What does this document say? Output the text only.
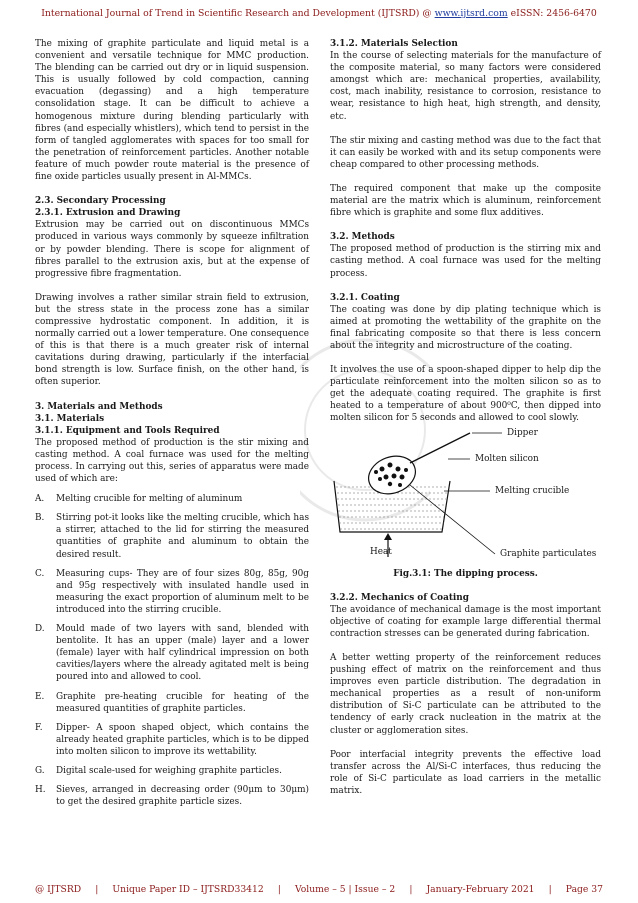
International Journal of Trend in Scientific Research and Development (IJTSRD) @ www.ijtsrd.com eISSN: 2456-6470

The mixing of graphite particulate and liquid metal is a convenient and versatile technique for MMC production. The blending can be carried out dry or in liquid suspension. This is usually followed by cold compaction, canning evacuation (degassing) and a high temperature consolidation stage. It can be difficult to achieve a homogenous mixture during blending particularly with fibres (and especially whistlers), which tend to persist in the form of tangled agglomerates with spaces for too small for the penetration of reinforcement particles. Another notable feature of much powder route material is the presence of fine oxide particles usually present in Al-MMCs.

2.3. Secondary Processing
2.3.1. Extrusion and Drawing

Extrusion may be carried out on discontinuous MMCs produced in various ways commonly by squeeze infiltration or by powder blending. There is scope for alignment of fibres parallel to the extrusion axis, but at the expense of progressive fibre fragmentation.

Drawing involves a rather similar strain field to extrusion, but the stress state in the process zone has a similar compressive hydrostatic component. In addition, it is normally carried out a lower temperature. One consequence of this is that there is a much greater risk of internal cavitations during drawing, particularly if the interfacial bond strength is low. Surface finish, on the other hand, is often superior.

3. Materials and Methods
3.1. Materials
3.1.1. Equipment and Tools Required

The proposed method of production is the stir mixing and casting method. A coal furnace was used for the melting process. In carrying out this, series of apparatus were made used of which are:

A.	Melting crucible for melting of aluminum
B.	Stirring pot-it looks like the melting crucible, which has a stirrer, attached to the lid for stirring the measured quantities of graphite and aluminum to obtain the desired result.
C.	Measuring cups- They are of four sizes 80g, 85g, 90g and 95g respectively with insulated handle used in measuring the exact proportion of aluminum melt to be introduced into the stirring crucible.
D.	Mould made of two layers with sand, blended with bentolite. It has an upper (male) layer and a lower (female) layer with half cylindrical impression on both cavities/layers where the already agitated melt is being poured into and allowed to cool.
E.	Graphite pre-heating crucible for heating of the measured quantities of graphite particles.
F.	Dipper- A spoon shaped object, which contains the already heated graphite particles, which is to be dipped into molten silicon to improve its wettability.
G.	Digital scale-used for weighing graphite particles.
H.	Sieves, arranged in decreasing order (90μm to 30μm) to get the desired graphite particle sizes.
3.1.2. Materials Selection

In the course of selecting materials for the manufacture of the composite material, so many factors were considered amongst which are: mechanical properties, availability, cost, mach inability, resistance to corrosion, resistance to wear, resistance to high heat, high strength, and density, etc.

The stir mixing and casting method was due to the fact that it can easily be worked with and its setup components were cheap compared to other processing methods.

The required component that make up the composite material are the matrix which is aluminum, reinforcement fibre which is graphite and some flux additives.

3.2. Methods

The proposed method of production is the stirring mix and casting method. A coal furnace was used for the melting process.

3.2.1. Coating

The coating was done by dip plating technique which is aimed at promoting the wettability of the graphite on the final fabricating composite so that there is less concern about the integrity and microstructure of the coating.

It involves the use of a spoon-shaped dipper to help dip the particulate reinforcement into the molten silicon so as to get the adequate coating required. The graphite is first heated to a temperature of about 900⁰C, then dipped into molten silicon for 5 seconds and allowed to cool slowly.

Dipper
Molten silicon
Melting crucible
Heat	Graphite particulates
Fig.3.1: The dipping process.
3.2.2. Mechanics of Coating

The avoidance of mechanical damage is the most important objective of coating for example large differential thermal contraction stresses can be generated during fabrication.

A better wetting property of the reinforcement reduces pushing effect of matrix on the reinforcement and thus improves even particle distribution. The degradation in mechanical properties as a result of non-uniform distribution of Si-C particulate can be attributed to the tendency of early crack nucleation in the matrix at the cluster or agglomeration sites.

Poor interfacial integrity prevents the effective load transfer across the Al/Si-C interfaces, thus reducing the role of Si-C particulate as load carriers in the metallic matrix.

@ IJTSRD | Unique Paper ID – IJTSRD33412 | Volume – 5 | Issue – 2 | January-February 2021 | Page 37
